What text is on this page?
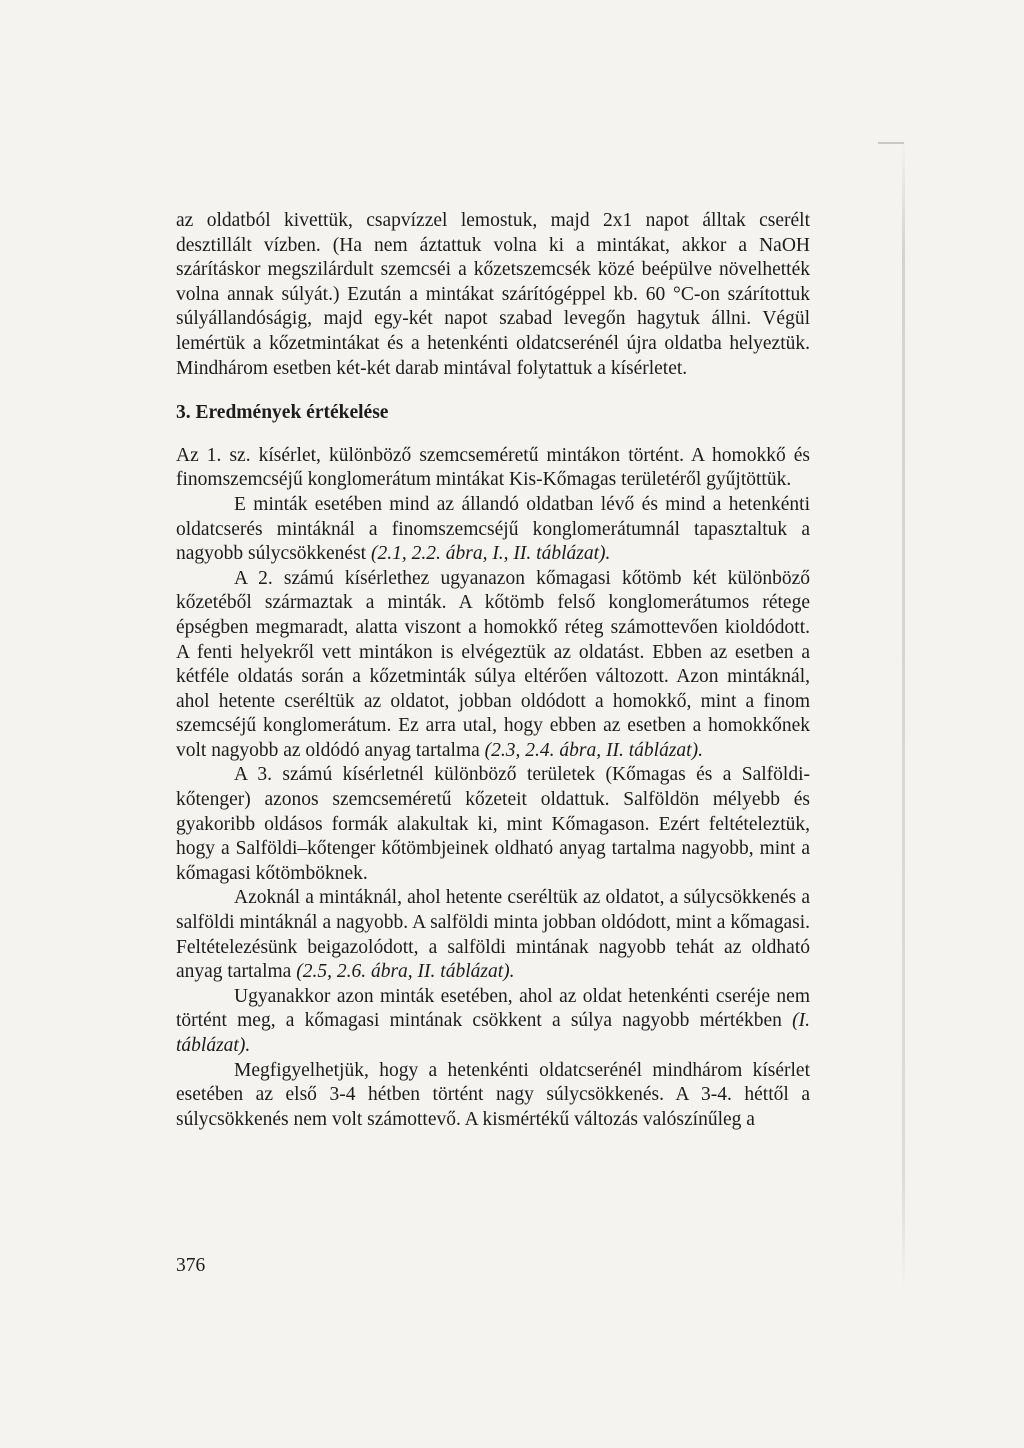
az oldatból kivettük, csapvízzel lemostuk, majd 2x1 napot álltak cserélt desztillált vízben. (Ha nem áztattuk volna ki a mintákat, akkor a NaOH szárításkor megszilárdult szemcséi a kőzetszemcsék közé beépülve növelhették volna annak súlyát.) Ezután a mintákat szárítógéppel kb. 60 °C-on szárítottuk súlyállandóságig, majd egy-két napot szabad levegőn hagytuk állni. Végül lemértük a kőzetmintákat és a hetenkénti oldatcserénél újra oldatba helyeztük. Mindhárom esetben két-két darab mintával folytattuk a kísérletet.

3. Eredmények értékelése

Az 1. sz. kísérlet, különböző szemcseméretű mintákon történt. A homokkő és finomszemcséjű konglomerátum mintákat Kis-Kőmagas területéről gyűjtöttük.

E minták esetében mind az állandó oldatban lévő és mind a hetenkénti oldatcserés mintáknál a finomszemcséjű konglomerátumnál tapasztaltuk a nagyobb súlycsökkenést (2.1, 2.2. ábra, I., II. táblázat).

A 2. számú kísérlethez ugyanazon kőmagasi kőtömb két különböző kőzetéből származtak a minták. A kőtömb felső konglomerátumos rétege épségben megmaradt, alatta viszont a homokkő réteg számottevően kioldódott. A fenti helyekről vett mintákon is elvégeztük az oldatást. Ebben az esetben a kétféle oldatás során a kőzetminták súlya eltérően változott. Azon mintáknál, ahol hetente cseréltük az oldatot, jobban oldódott a homokkő, mint a finom szemcséjű konglomerátum. Ez arra utal, hogy ebben az esetben a homokkőnek volt nagyobb az oldódó anyag tartalma (2.3, 2.4. ábra, II. táblázat).

A 3. számú kísérletnél különböző területek (Kőmagas és a Salföldi-kőtenger) azonos szemcseméretű kőzeteit oldattuk. Salföldön mélyebb és gyakoribb oldásos formák alakultak ki, mint Kőmagason. Ezért feltételeztük, hogy a Salföldi–kőtenger kőtömbjeinek oldható anyag tartalma nagyobb, mint a kőmagasi kőtömböknek.

Azoknál a mintáknál, ahol hetente cseréltük az oldatot, a súlycsökkenés a salföldi mintáknál a nagyobb. A salföldi minta jobban oldódott, mint a kőmagasi. Feltételezésünk beigazolódott, a salföldi mintának nagyobb tehát az oldható anyag tartalma (2.5, 2.6. ábra, II. táblázat).

Ugyanakkor azon minták esetében, ahol az oldat hetenkénti cseréje nem történt meg, a kőmagasi mintának csökkent a súlya nagyobb mértékben (I. táblázat).

Megfigyelhetjük, hogy a hetenkénti oldatcserénél mindhárom kísérlet esetében az első 3-4 hétben történt nagy súlycsökkenés. A 3-4. héttől a súlycsökkenés nem volt számottevő. A kismértékű változás valószínűleg a

376
